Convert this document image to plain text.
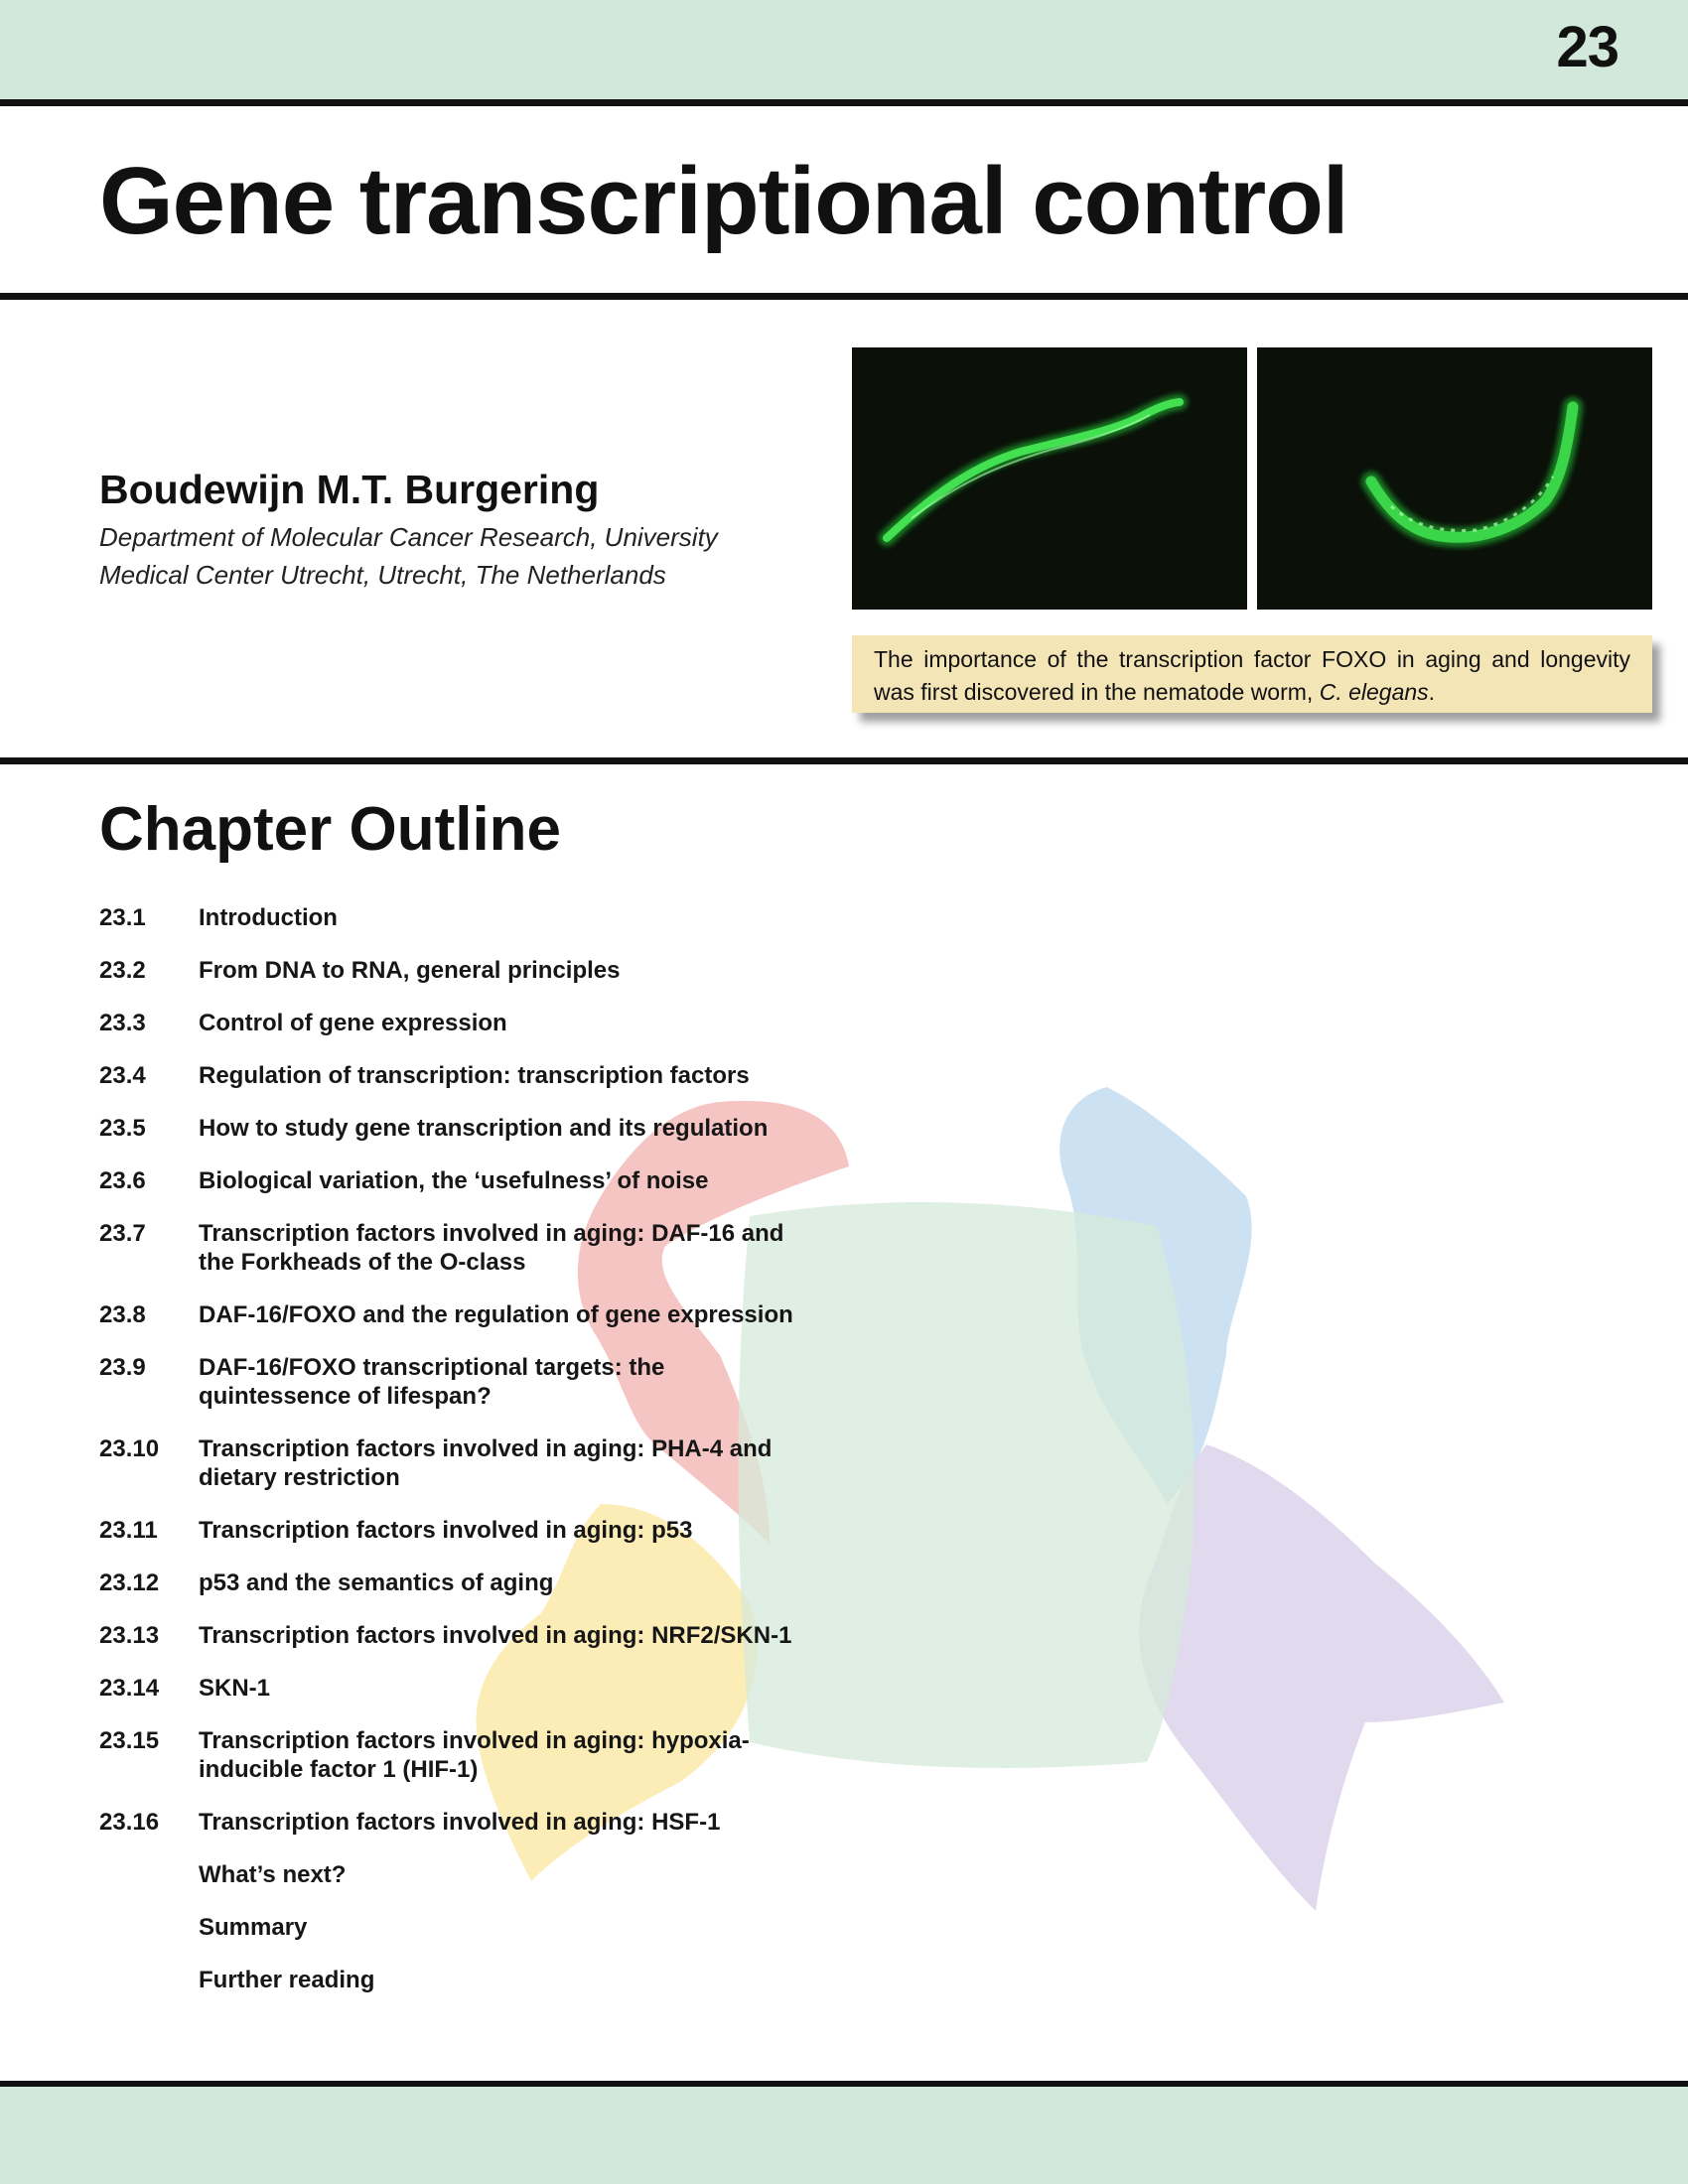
23
Gene transcriptional control
Boudewijn M.T. Burgering
Department of Molecular Cancer Research, University Medical Center Utrecht, Utrecht, The Netherlands
The importance of the transcription factor FOXO in aging and longevity was first discovered in the nematode worm, C. elegans.
Chapter Outline
23.1	Introduction
23.2	From DNA to RNA, general principles
23.3	Control of gene expression
23.4	Regulation of transcription: transcription factors
23.5	How to study gene transcription and its regulation
23.6	Biological variation, the ‘usefulness’ of noise
23.7	Transcription factors involved in aging: DAF-16 and the Forkheads of the O-class
23.8	DAF-16/FOXO and the regulation of gene expression
23.9	DAF-16/FOXO transcriptional targets: the quintessence of lifespan?
23.10	Transcription factors involved in aging: PHA-4 and dietary restriction
23.11	Transcription factors involved in aging: p53
23.12	p53 and the semantics of aging
23.13	Transcription factors involved in aging: NRF2/SKN-1
23.14	SKN-1
23.15	Transcription factors involved in aging: hypoxia-inducible factor 1 (HIF-1)
23.16	Transcription factors involved in aging: HSF-1
What’s next?
Summary
Further reading
